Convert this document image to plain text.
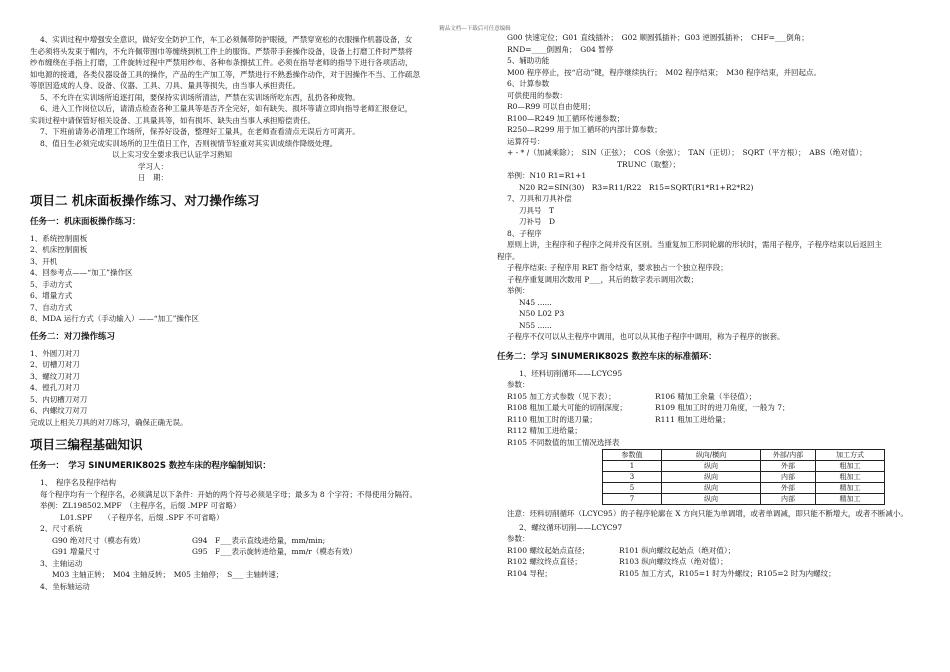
精品文档---下载后可任意编辑

4、实训过程中增强安全意识，做好安全防护工作，车工必须佩带防护眼镜，严禁穿宽松的衣服操作机器设备，女

生必须将头发束于帽内，不允许佩带围巾等缠绕到机工件上的服饰。严禁带手套操作设备，设备上打磨工件时严禁将

纱布缠绕在手指上打磨，工件旋转过程中严禁用纱布、各种布条擦拭工件。必须在指导老师的指导下进行各项活动，

如电源的接通，各类仪器设备工具的操作，产品的生产加工等，严禁进行不熟悉操作动作，对于因操作不当、工作疏忽

等原因造成的人身、设备、仪器、工具、刀具、量具等损失，由当事人承担责任。

5、不允许在实训场所追逐打闹，要保持实训场所清洁，严禁在实训场所吃东西，乱扔各种废物。

6、进入工作岗位以后，请清点检查各种工量具等是否齐全完好，如有缺失、损坏等请立即向指导老师汇报登记，

实训过程中请保管好相关设备、工具量具等，如有损坏、缺失由当事人承担赔偿责任。

7、下班前请务必清理工作场所，保养好设备，整理好工量具，在老师查看清点无误后方可离开。

8、值日生必须完成实训场所的卫生值日工作，否则视情节轻重对其实训成绩作降级处理。

以上实习安全要求我已认证学习熟知

学习人：

日　期：

项目二 机床面板操作练习、对刀操作练习
任务一：机床面板操作练习：

1、系统控制面板

2、机床控制面板

3、开机

4、回参考点——“加工”操作区

5、手动方式

6、增量方式

7、自动方式

8、MDA 运行方式（手动输入）——“加工”操作区

任务二：对刀操作练习

1、外圆刀对刀

2、切槽刀对刀

3、螺纹刀对刀

4、镗孔刀对刀

5、内切槽刀对刀

6、内螺纹刀对刀

完成以上相关刀具的对刀练习，确保正确无误。

项目三编程基础知识
任务一：　学习 SINUMERIK802S 数控车床的程序编制知识：

1、　程序名及程序结构

每个程序均有一个程序名，必须满足以下条件：开始的两个符号必须是字母；最多为 8 个字符；不得使用分隔符。

举例：ZL198502.MPF　（主程序名，后缀 .MPF 可省略）

L01.SPF　　（子程序名，后缀 .SPF 不可省略）

2、尺寸系统

G90 绝对尺寸（模态有效）	G94　F___表示直线进给量，mm/min;
G91 增量尺寸	G95　F___表示旋转进给量，mm/r（模态有效）

3、主轴运动

M03 主轴正转；　M04 主轴反转；　M05 主轴停；　S___ 主轴转速；

4、坐标轴运动

G00 快速定位；G01 直线插补；　G02 顺圆弧插补；G03 逆圆弧插补；　CHF=___倒角；

RND=____倒圆角；　G04 暂停

5、辅助功能

M00 程序停止，按“启动”键，程序继续执行；　M02 程序结束；　M30 程序结束，并回起点。

6、计算参数

可供使用的参数：

R0—R99 可以自由使用；

R100—R249 加工循环传递参数；

R250—R299 用于加工循环的内部计算参数；

运算符号：

+ - * /（加减乘除）；　SIN（正弦）；　COS（余弦）；　TAN（正切）；　SQRT（平方根）；　ABS（绝对值）；

TRUNC（取整）；

举例：N10 R1=R1+1

N20 R2=SIN(30)　R3=R11/R22　R15=SQRT(R1*R1+R2*R2)

7、刀具和刀具补偿

刀具号　T

刀补号　D

8、子程序

原则上讲，主程序和子程序之间并没有区别。当重复加工形同轮廓的形状时，需用子程序，子程序结束以后返回主

程序。

子程序结束: 子程序用 RET 指令结束，要求独占一个独立程序段；

子程序重复调用次数用 P___，其后的数字表示调用次数；

举例：

N45 ......

N50 L02 P3

N55 ......

子程序不仅可以从主程序中调用，也可以从其他子程序中调用，称为子程序的嵌套。

任务二：学习 SINUMERIK802S 数控车床的标准循环：

1、坯料切削循环——LCYC95

参数：

R105 加工方式参数（见下表）；	R106 精加工余量（半径值）；
R108 粗加工最大可能的切削深度；	R109 粗加工时的进刀角度，一般为 7；
R110 粗加工时的退刀量；	R111 粗加工进给量；

R112 精加工进给量；

R105 不同数值的加工情况选择表

参数值	纵向/横向	外部/内部	加工方式
1	纵向	外部	粗加工
3	纵向	内部	粗加工
5	纵向	外部	精加工
7	纵向	内部	精加工

注意：坯料切削循环（LCYC95）的子程序轮廓在 X 方向只能为单调增，或者单调减，即只能不断增大，或者不断减小。

2、螺纹循环切削——LCYC97

参数：

R100 螺纹起始点直径；	R101 纵向螺纹起始点（绝对值）；
R102 螺纹终点直径；	R103 纵向螺纹终点（绝对值）；
R104 导程；	R105 加工方式，R105=1 时为外螺纹；R105=2 时为内螺纹；
